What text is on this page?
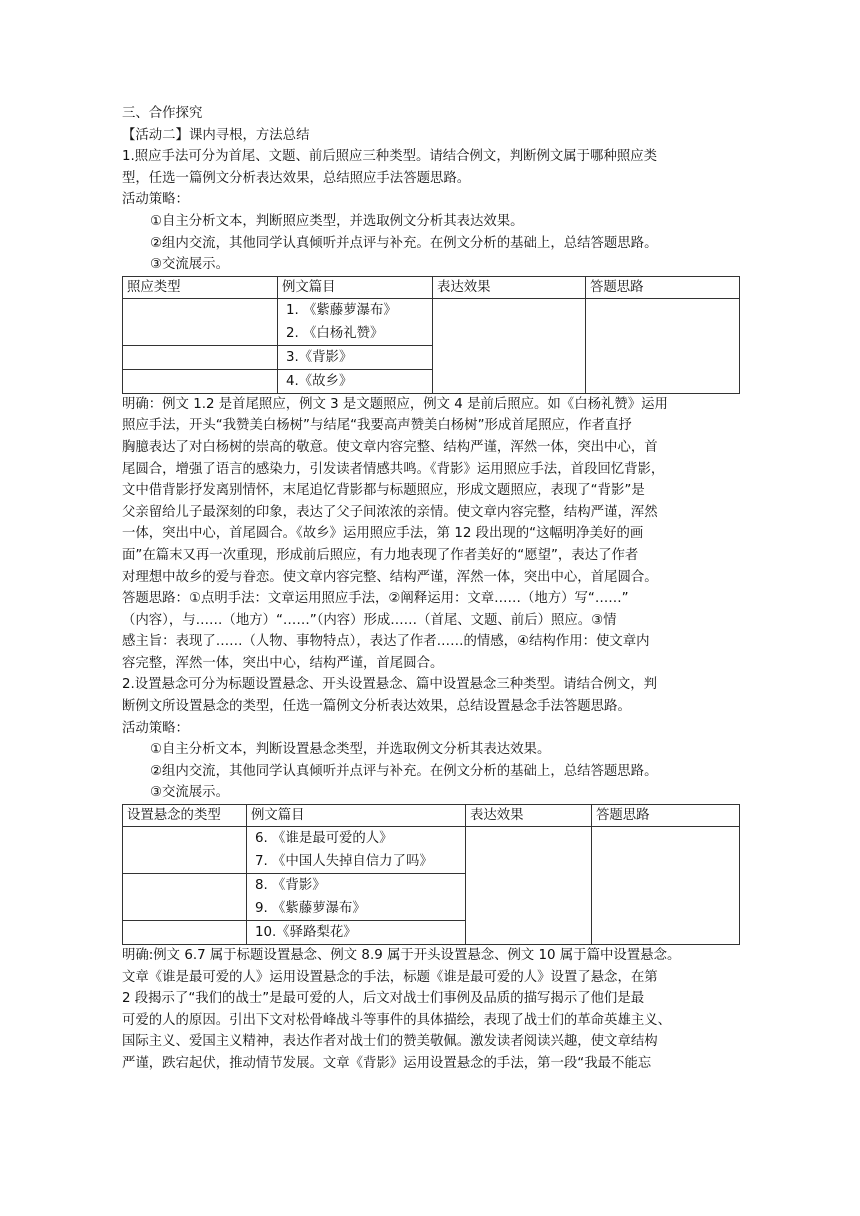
三、合作探究
【活动二】课内寻根，方法总结
1.照应手法可分为首尾、文题、前后照应三种类型。请结合例文，判断例文属于哪种照应类
型，任选一篇例文分析表达效果，总结照应手法答题思路。
活动策略：
①自主分析文本，判断照应类型，并选取例文分析其表达效果。
②组内交流，其他同学认真倾听并点评与补充。在例文分析的基础上，总结答题思路。
③交流展示。
照应类型	例文篇目	表达效果	答题思路

	1. 《紫藤萝瀑布》
2. 《白杨礼赞》		

	3.《背影》		

	4.《故乡》		
明确：例文 1.2 是首尾照应，例文 3 是文题照应，例文 4 是前后照应。如《白杨礼赞》运用
照应手法，开头“我赞美白杨树”与结尾“我要高声赞美白杨树”形成首尾照应，作者直抒
胸臆表达了对白杨树的崇高的敬意。使文章内容完整、结构严谨，浑然一体，突出中心，首
尾圆合，增强了语言的感染力，引发读者情感共鸣。《背影》运用照应手法，首段回忆背影，
文中借背影抒发离别情怀，末尾追忆背影都与标题照应，形成文题照应，表现了“背影”是
父亲留给儿子最深刻的印象，表达了父子间浓浓的亲情。使文章内容完整，结构严谨，浑然
一体，突出中心，首尾圆合。《故乡》运用照应手法，第 12 段出现的“这幅明净美好的画
面”在篇末又再一次重现，形成前后照应，有力地表现了作者美好的“愿望”，表达了作者
对理想中故乡的爱与眷恋。使文章内容完整、结构严谨，浑然一体，突出中心，首尾圆合。
答题思路：①点明手法：文章运用照应手法，②阐释运用：文章……（地方）写“……”
（内容），与……（地方）“……”（内容）形成……（首尾、文题、前后）照应。③情
感主旨：表现了……（人物、事物特点），表达了作者……的情感，④结构作用：使文章内
容完整，浑然一体，突出中心，结构严谨，首尾圆合。
2.设置悬念可分为标题设置悬念、开头设置悬念、篇中设置悬念三种类型。请结合例文，判
断例文所设置悬念的类型，任选一篇例文分析表达效果，总结设置悬念手法答题思路。
活动策略：
①自主分析文本，判断设置悬念类型，并选取例文分析其表达效果。
②组内交流，其他同学认真倾听并点评与补充。在例文分析的基础上，总结答题思路。
③交流展示。
设置悬念的类型	例文篇目	表达效果	答题思路

	6. 《谁是最可爱的人》
7. 《中国人失掉自信力了吗》		

	8. 《背影》
9. 《紫藤萝瀑布》		

	10.《驿路梨花》		
明确:例文 6.7 属于标题设置悬念、例文 8.9 属于开头设置悬念、例文 10 属于篇中设置悬念。
文章《谁是最可爱的人》运用设置悬念的手法，标题《谁是最可爱的人》设置了悬念，在第
2 段揭示了“我们的战士”是最可爱的人，后文对战士们事例及品质的描写揭示了他们是最
可爱的人的原因。引出下文对松骨峰战斗等事件的具体描绘，表现了战士们的革命英雄主义、
国际主义、爱国主义精神，表达作者对战士们的赞美敬佩。激发读者阅读兴趣，使文章结构
严谨，跌宕起伏，推动情节发展。文章《背影》运用设置悬念的手法，第一段“我最不能忘
